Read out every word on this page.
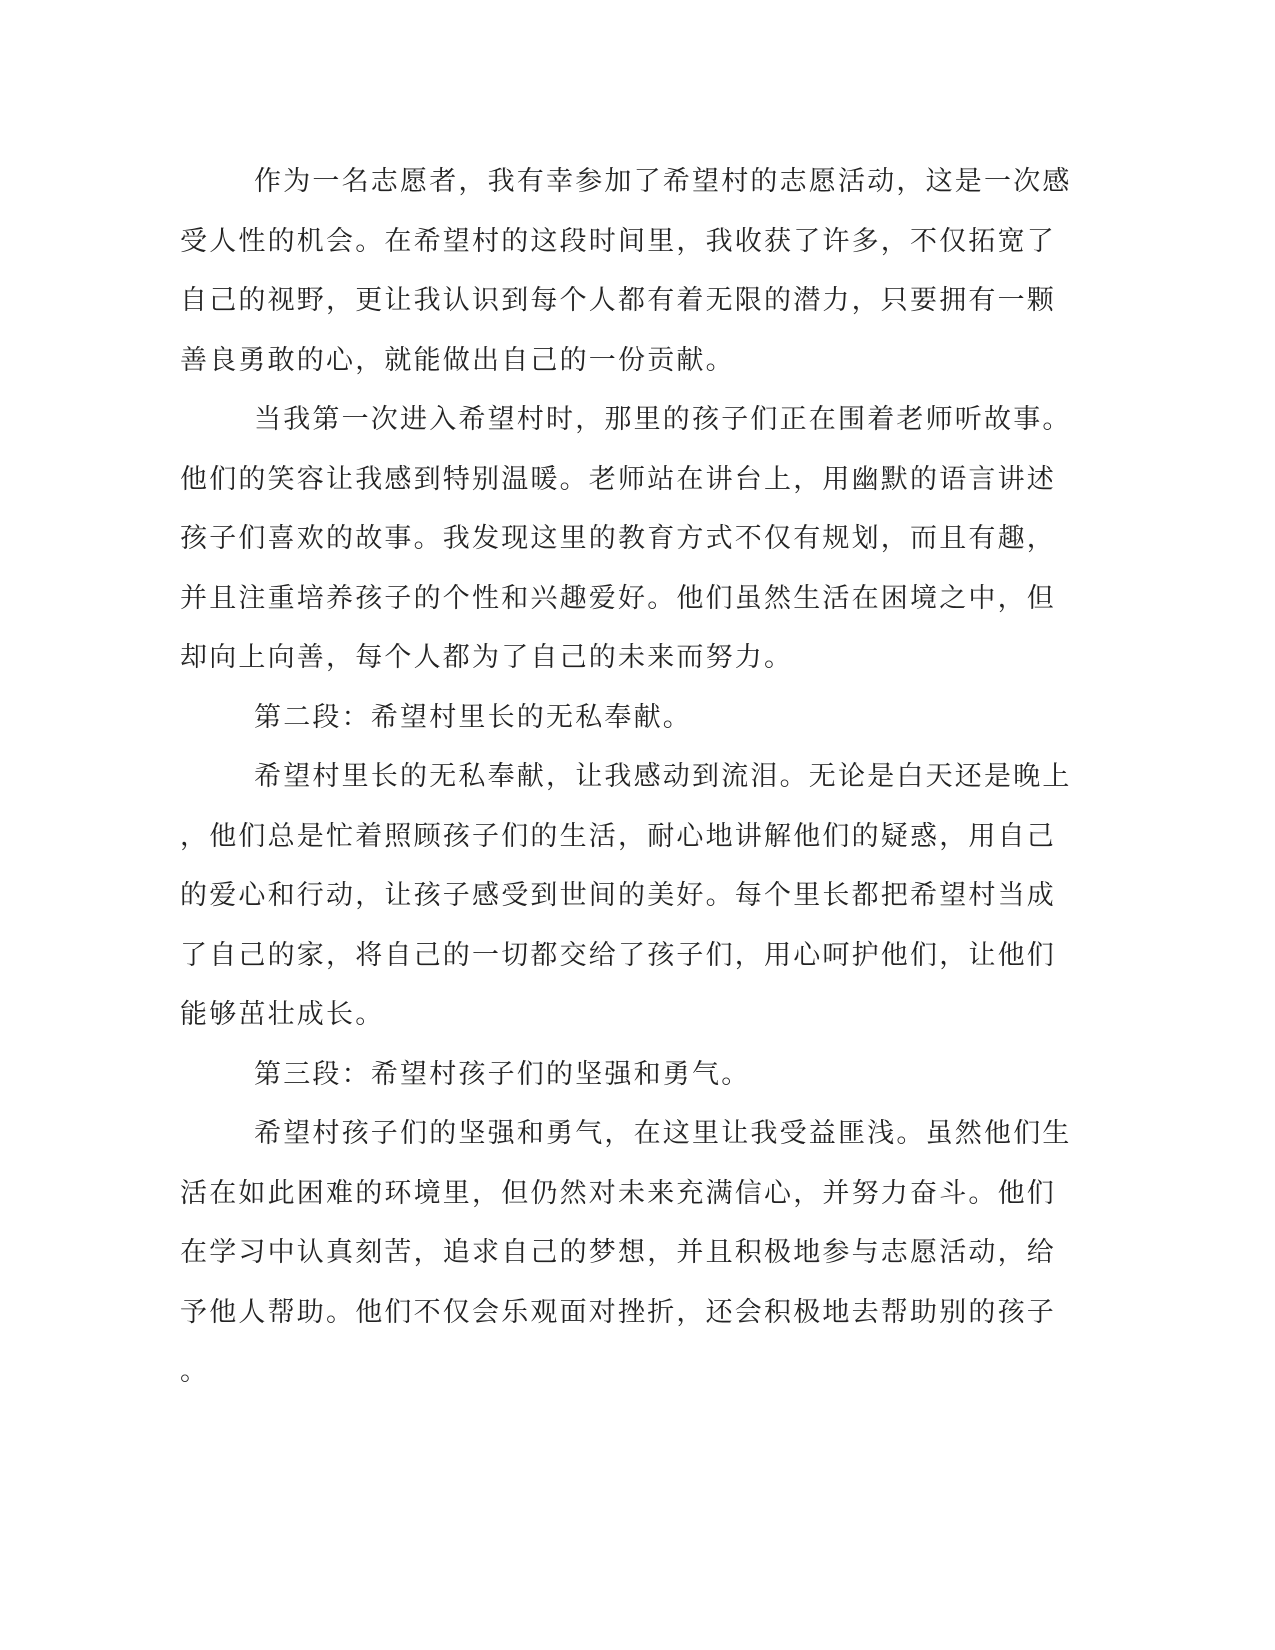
作为一名志愿者，我有幸参加了希望村的志愿活动，这是一次感
受人性的机会。在希望村的这段时间里，我收获了许多，不仅拓宽了
自己的视野，更让我认识到每个人都有着无限的潜力，只要拥有一颗
善良勇敢的心，就能做出自己的一份贡献。
当我第一次进入希望村时，那里的孩子们正在围着老师听故事。
他们的笑容让我感到特别温暖。老师站在讲台上，用幽默的语言讲述
孩子们喜欢的故事。我发现这里的教育方式不仅有规划，而且有趣，
并且注重培养孩子的个性和兴趣爱好。他们虽然生活在困境之中，但
却向上向善，每个人都为了自己的未来而努力。
第二段：希望村里长的无私奉献。
希望村里长的无私奉献，让我感动到流泪。无论是白天还是晚上
，他们总是忙着照顾孩子们的生活，耐心地讲解他们的疑惑，用自己
的爱心和行动，让孩子感受到世间的美好。每个里长都把希望村当成
了自己的家，将自己的一切都交给了孩子们，用心呵护他们，让他们
能够茁壮成长。
第三段：希望村孩子们的坚强和勇气。
希望村孩子们的坚强和勇气，在这里让我受益匪浅。虽然他们生
活在如此困难的环境里，但仍然对未来充满信心，并努力奋斗。他们
在学习中认真刻苦，追求自己的梦想，并且积极地参与志愿活动，给
予他人帮助。他们不仅会乐观面对挫折，还会积极地去帮助别的孩子
。
